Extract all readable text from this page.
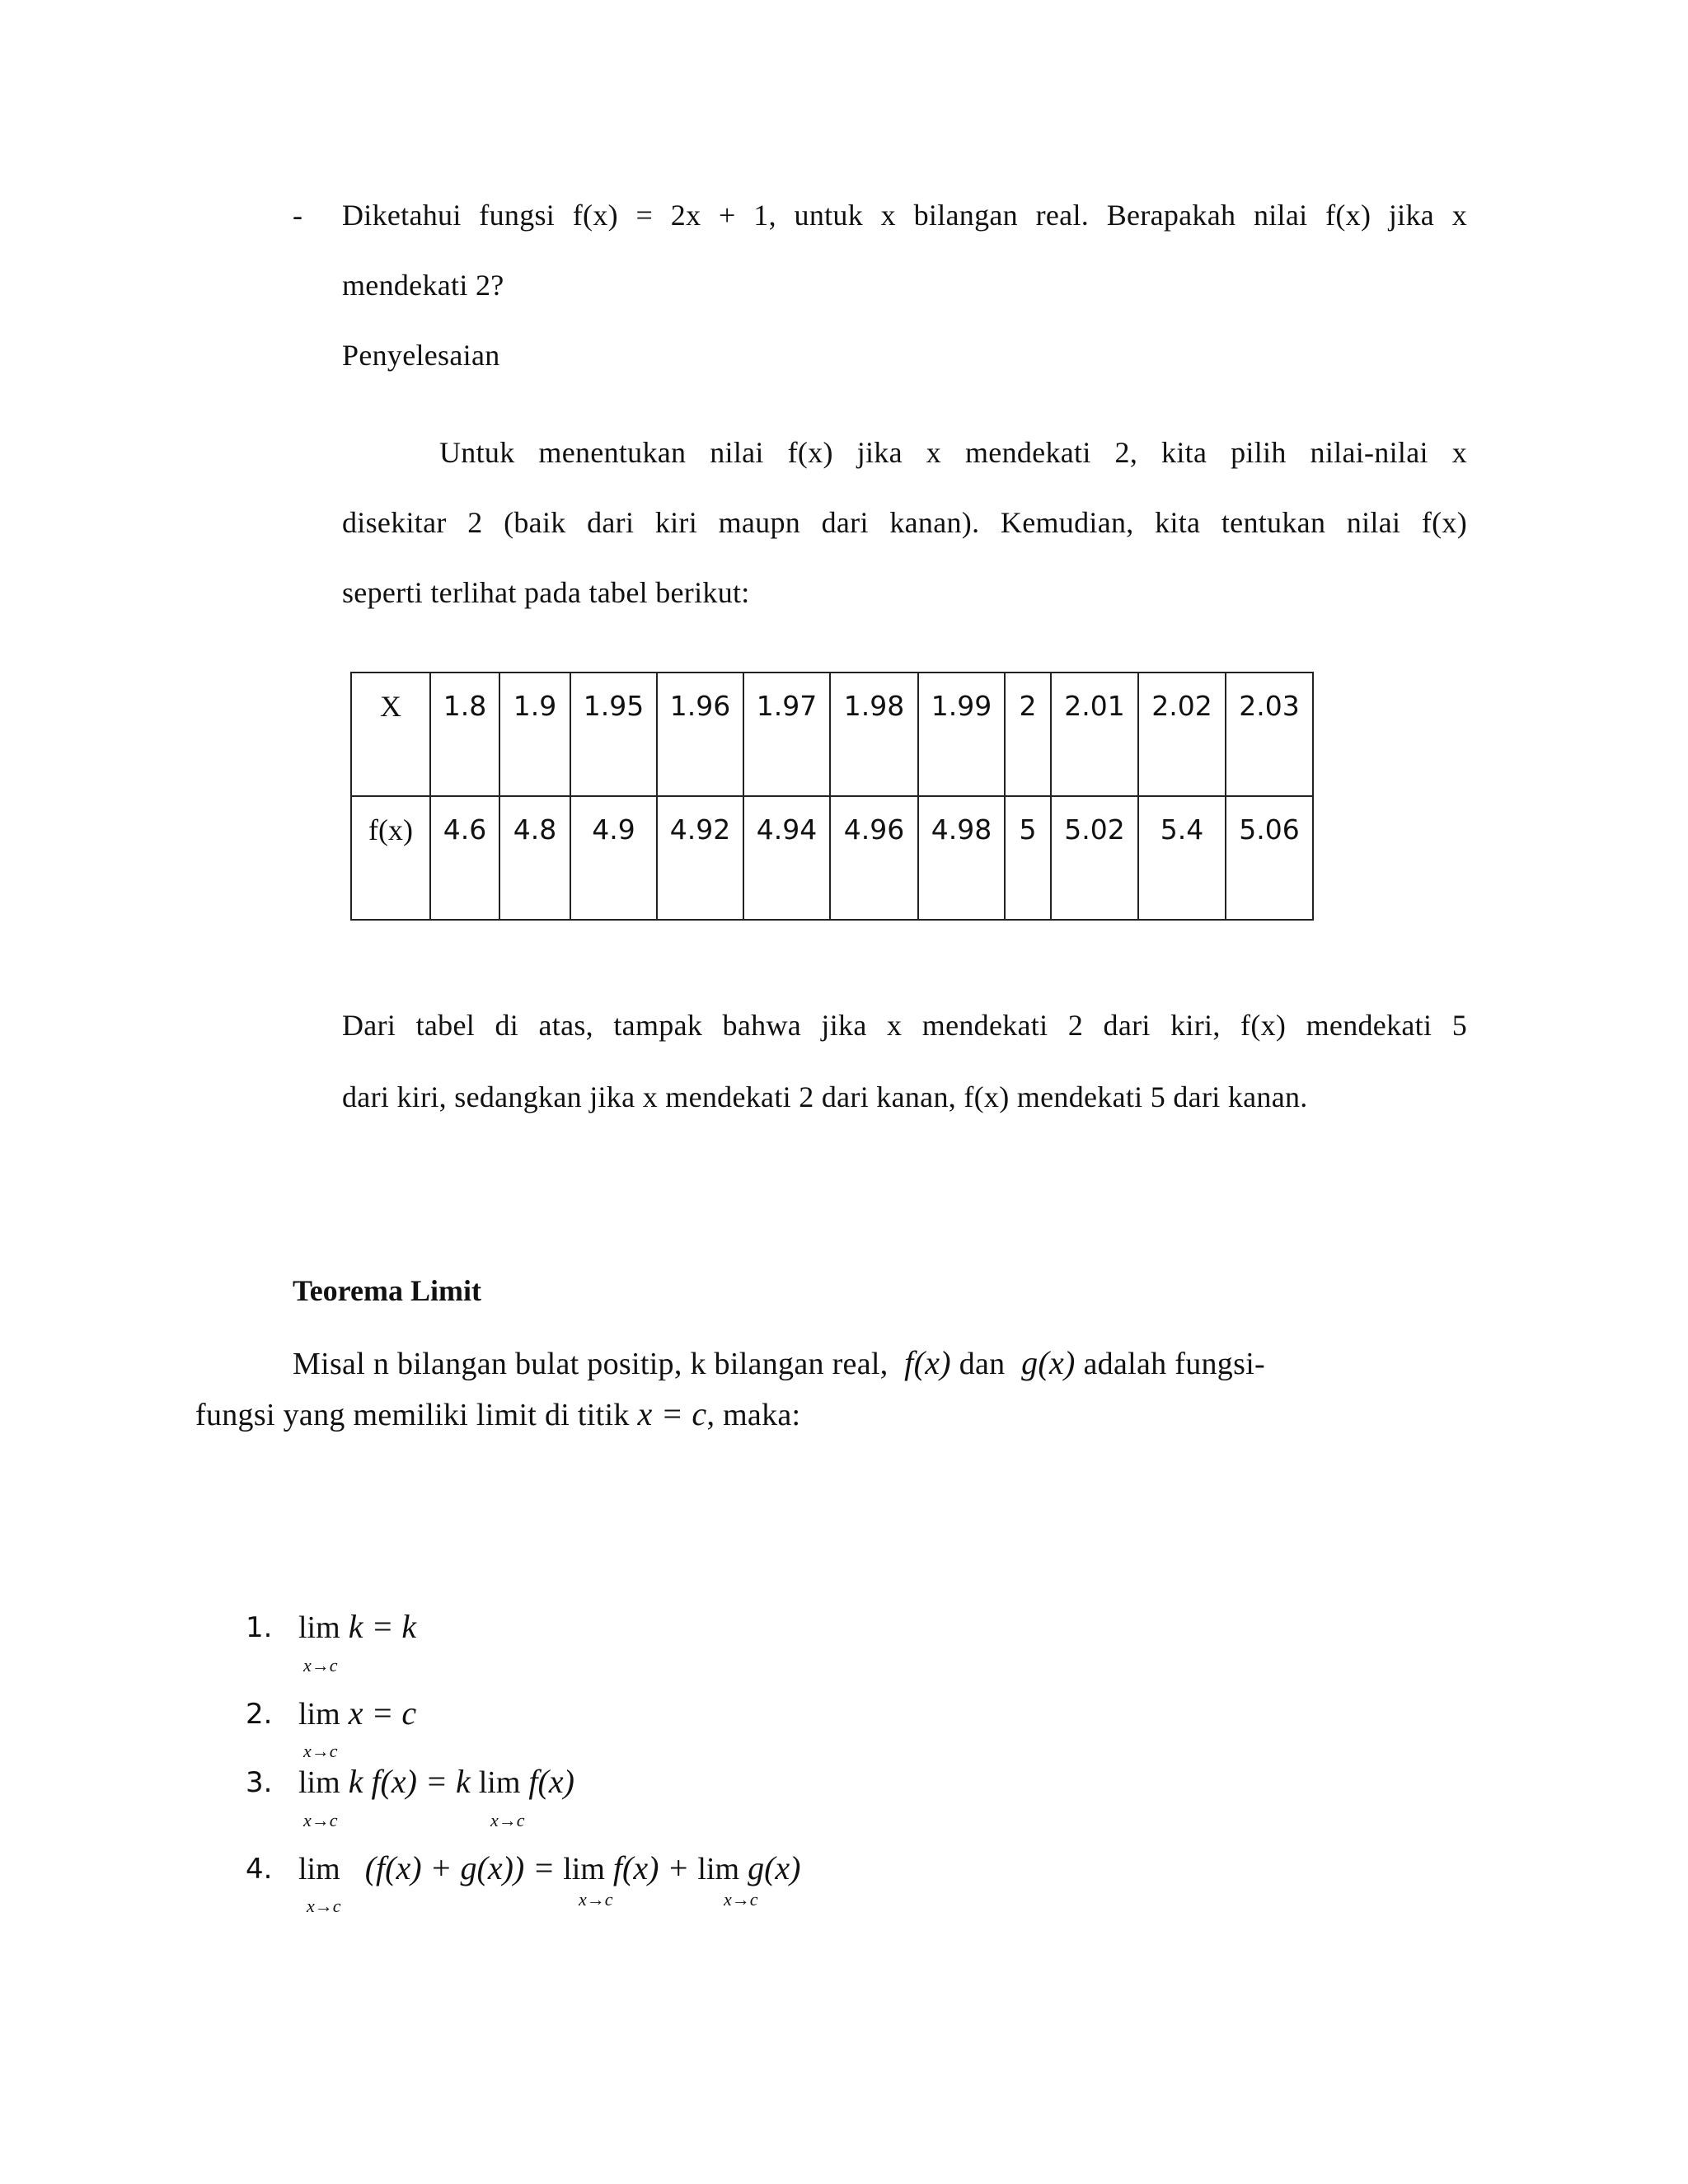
- Diketahui fungsi f(x) = 2x + 1, untuk x bilangan real. Berapakah nilai f(x) jika x
mendekati 2?
Penyelesaian
Untuk menentukan nilai f(x) jika x mendekati 2, kita pilih nilai-nilai x
disekitar 2 (baik dari kiri maupn dari kanan). Kemudian, kita tentukan nilai f(x)
seperti terlihat pada tabel berikut:
X	1.8	1.9	1.95	1.96	1.97	1.98	1.99	2	2.01	2.02	2.03
f(x)	4.6	4.8	4.9	4.92	4.94	4.96	4.98	5	5.02	5.4	5.06
Dari tabel di atas, tampak bahwa jika x mendekati 2 dari kiri, f(x) mendekati 5
dari kiri, sedangkan jika x mendekati 2 dari kanan, f(x) mendekati 5 dari kanan.
Teorema Limit
Misal n bilangan bulat positip, k bilangan real, f(x) dan g(x) adalah fungsi-
fungsi yang memiliki limit di titik x = c, maka:
1. lim k = k
x→c
2. lim x = c
x→c
3. lim k f(x) = k lim f(x)
x→c	x→c
4. lim (f(x) + g(x)) = lim f(x) + lim g(x)
x→c	x→c	x→c
